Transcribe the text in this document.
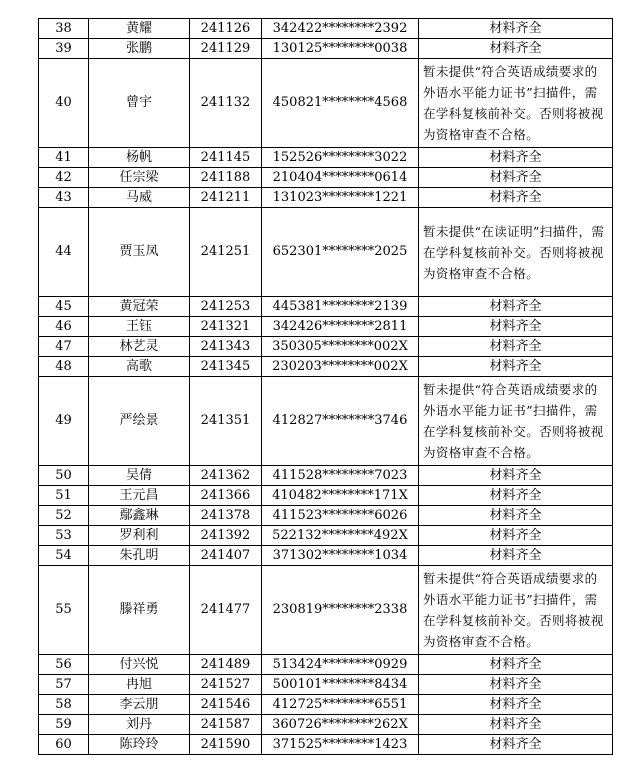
38	黄耀	241126	342422********2392	材料齐全
39	张鹏	241129	130125********0038	材料齐全
40	曾宇	241132	450821********4568	暂未提供“符合英语成绩要求的外语水平能力证书”扫描件，需在学科复核前补交。否则将被视为资格审查不合格。
41	杨帆	241145	152526********3022	材料齐全
42	任宗梁	241188	210404********0614	材料齐全
43	马威	241211	131023********1221	材料齐全
44	贾玉凤	241251	652301********2025	暂未提供“在读证明”扫描件，需在学科复核前补交。否则将被视为资格审查不合格。
45	黄冠荣	241253	445381********2139	材料齐全
46	王钰	241321	342426********2811	材料齐全
47	林艺灵	241343	350305********002X	材料齐全
48	高歌	241345	230203********002X	材料齐全
49	严绘景	241351	412827********3746	暂未提供“符合英语成绩要求的外语水平能力证书”扫描件，需在学科复核前补交。否则将被视为资格审查不合格。
50	吴倩	241362	411528********7023	材料齐全
51	王元昌	241366	410482********171X	材料齐全
52	鄢鑫琳	241378	411523********6026	材料齐全
53	罗利利	241392	522132********492X	材料齐全
54	朱孔明	241407	371302********1034	材料齐全
55	滕祥勇	241477	230819********2338	暂未提供“符合英语成绩要求的外语水平能力证书”扫描件，需在学科复核前补交。否则将被视为资格审查不合格。
56	付兴悦	241489	513424********0929	材料齐全
57	冉旭	241527	500101********8434	材料齐全
58	李云朋	241546	412725********6551	材料齐全
59	刘丹	241587	360726********262X	材料齐全
60	陈玲玲	241590	371525********1423	材料齐全
